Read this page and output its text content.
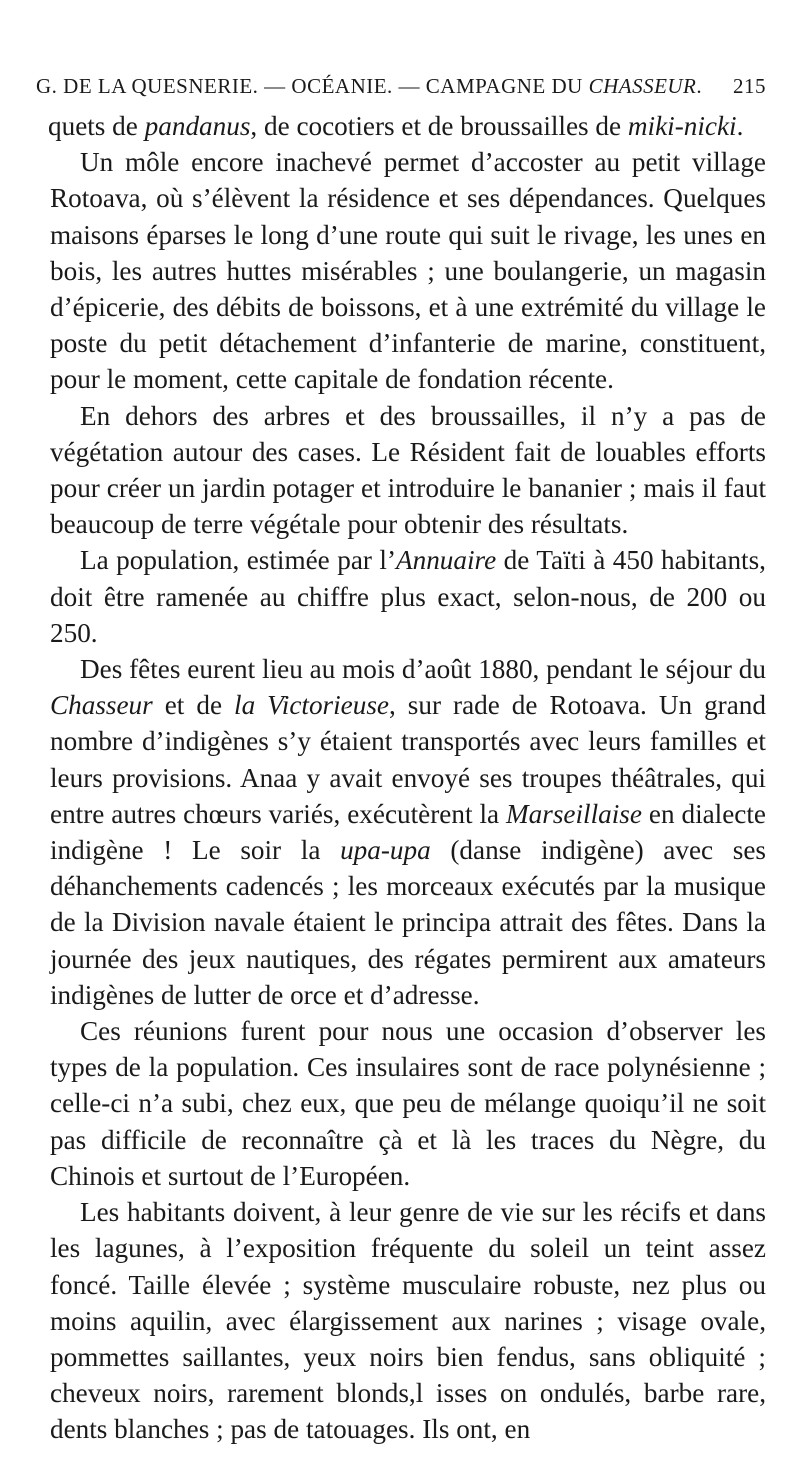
G. DE LA QUESNERIE. — OCÉANIE. — CAMPAGNE DU CHASSEUR. 215

quets de pandanus, de cocotiers et de broussailles de miki-nicki.

Un môle encore inachevé permet d’accoster au petit village Rotoava, où s’élèvent la résidence et ses dépendances. Quelques maisons éparses le long d’une route qui suit le rivage, les unes en bois, les autres huttes misérables ; une boulangerie, un magasin d’épicerie, des débits de boissons, et à une extrémité du village le poste du petit détachement d’infanterie de marine, constituent, pour le moment, cette capitale de fondation récente.

En dehors des arbres et des broussailles, il n’y a pas de végétation autour des cases. Le Résident fait de louables efforts pour créer un jardin potager et introduire le bananier ; mais il faut beaucoup de terre végétale pour obtenir des résultats.

La population, estimée par l’Annuaire de Taïti à 450 habitants, doit être ramenée au chiffre plus exact, selon-nous, de 200 ou 250.

Des fêtes eurent lieu au mois d’août 1880, pendant le séjour du Chasseur et de la Victorieuse, sur rade de Rotoava. Un grand nombre d’indigènes s’y étaient transportés avec leurs familles et leurs provisions. Anaa y avait envoyé ses troupes théâtrales, qui entre autres chœurs variés, exécutèrent la Marseillaise en dialecte indigène ! Le soir la upa-upa (danse indigène) avec ses déhanchements cadencés ; les morceaux exécutés par la musique de la Division navale étaient le principa attrait des fêtes. Dans la journée des jeux nautiques, des régates permirent aux amateurs indigènes de lutter de orce et d’adresse.

Ces réunions furent pour nous une occasion d’observer les types de la population. Ces insulaires sont de race polynésienne ; celle-ci n’a subi, chez eux, que peu de mélange quoiqu’il ne soit pas difficile de reconnaître çà et là les traces du Nègre, du Chinois et surtout de l’Européen.

Les habitants doivent, à leur genre de vie sur les récifs et dans les lagunes, à l’exposition fréquente du soleil un teint assez foncé. Taille élevée ; système musculaire robuste, nez plus ou moins aquilin, avec élargissement aux narines ; visage ovale, pommettes saillantes, yeux noirs bien fendus, sans obliquité ; cheveux noirs, rarement blonds,l isses on ondulés, barbe rare, dents blanches ; pas de tatouages. Ils ont, en
